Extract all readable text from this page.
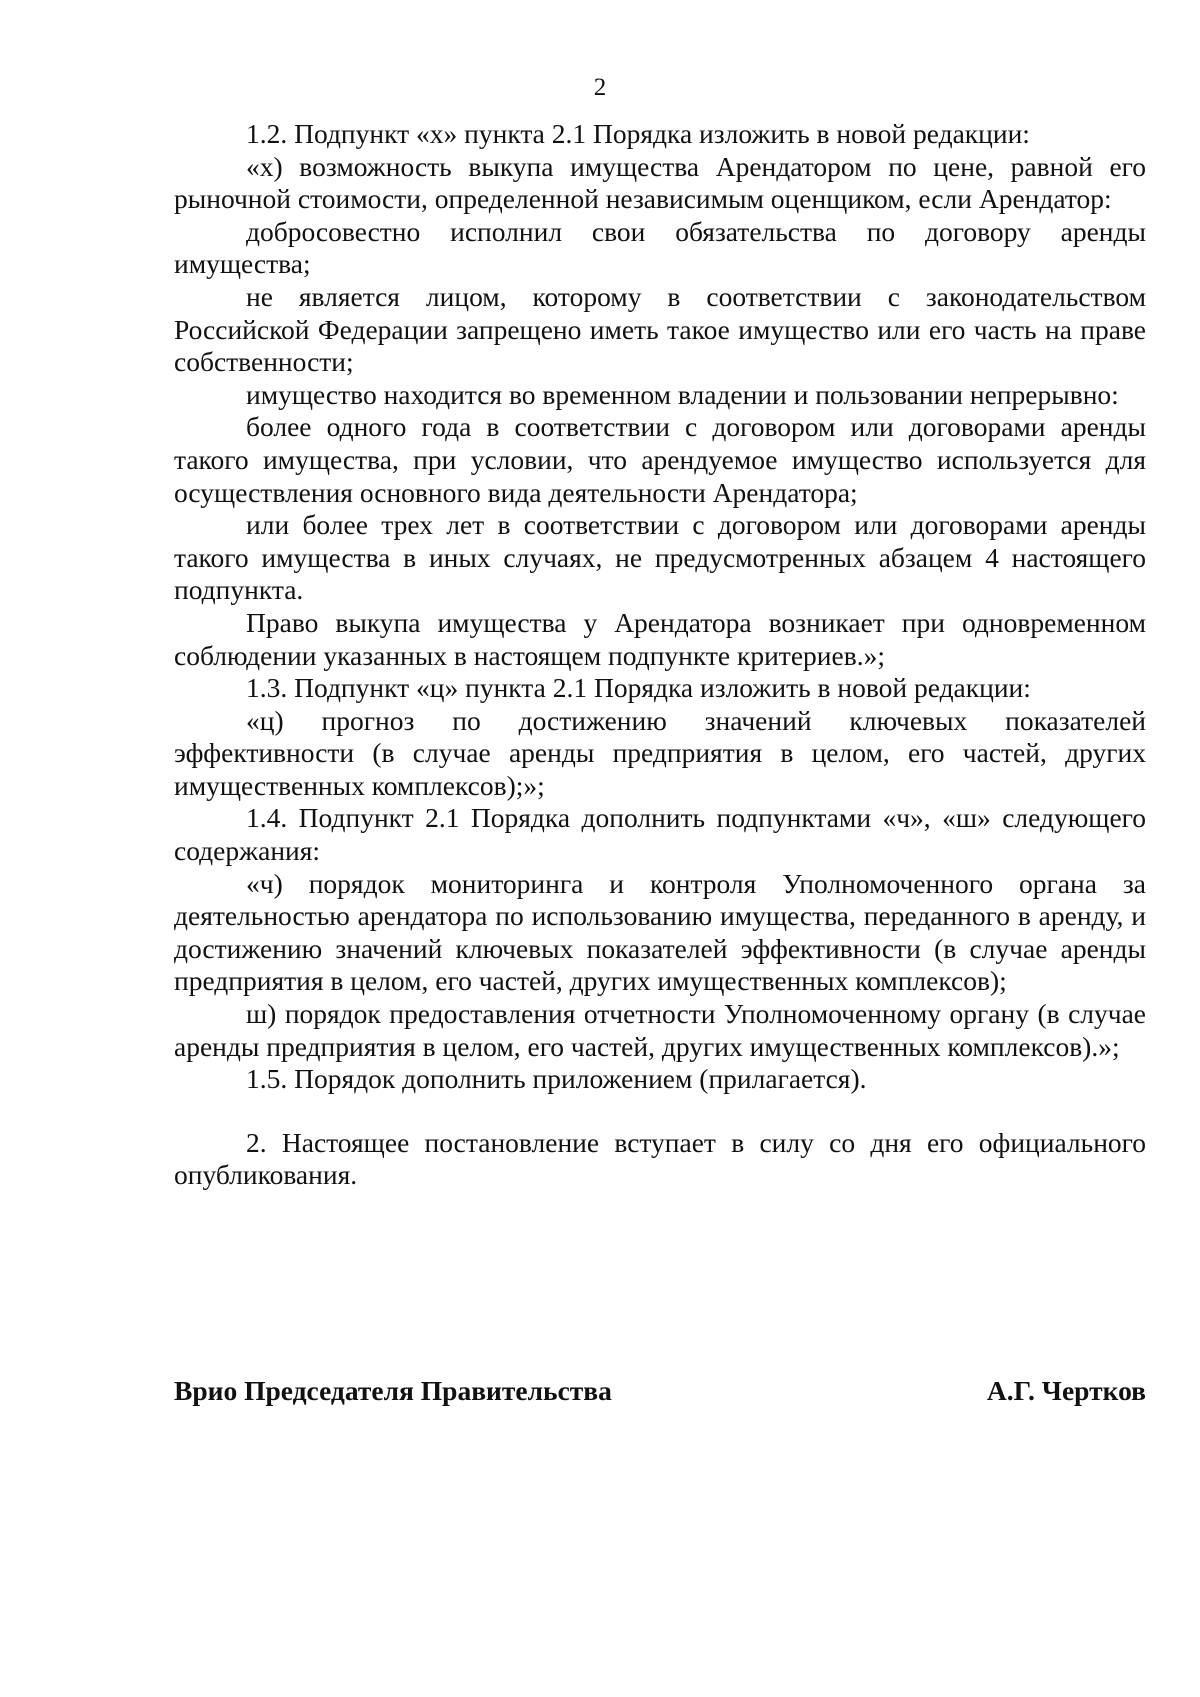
2

1.2. Подпункт «х» пункта 2.1 Порядка изложить в новой редакции:

«х) возможность выкупа имущества Арендатором по цене, равной его рыночной стоимости, определенной независимым оценщиком, если Арендатор:

добросовестно исполнил свои обязательства по договору аренды имущества;

не является лицом, которому в соответствии с законодательством Российской Федерации запрещено иметь такое имущество или его часть на праве собственности;

имущество находится во временном владении и пользовании непрерывно:

более одного года в соответствии с договором или договорами аренды такого имущества, при условии, что арендуемое имущество используется для осуществления основного вида деятельности Арендатора;

или более трех лет в соответствии с договором или договорами аренды такого имущества в иных случаях, не предусмотренных абзацем 4 настоящего подпункта.

Право выкупа имущества у Арендатора возникает при одновременном соблюдении указанных в настоящем подпункте критериев.»;

1.3. Подпункт «ц» пункта 2.1 Порядка изложить в новой редакции:

«ц) прогноз по достижению значений ключевых показателей эффективности (в случае аренды предприятия в целом, его частей, других имущественных комплексов);»;

1.4. Подпункт 2.1 Порядка дополнить подпунктами «ч», «ш» следующего содержания:

«ч) порядок мониторинга и контроля Уполномоченного органа за деятельностью арендатора по использованию имущества, переданного в аренду, и достижению значений ключевых показателей эффективности (в случае аренды предприятия в целом, его частей, других имущественных комплексов);

ш) порядок предоставления отчетности Уполномоченному органу (в случае аренды предприятия в целом, его частей, других имущественных комплексов).»;

1.5. Порядок дополнить приложением (прилагается).

2. Настоящее постановление вступает в силу со дня его официального опубликования.

Врио Председателя Правительства	А.Г. Чертков
